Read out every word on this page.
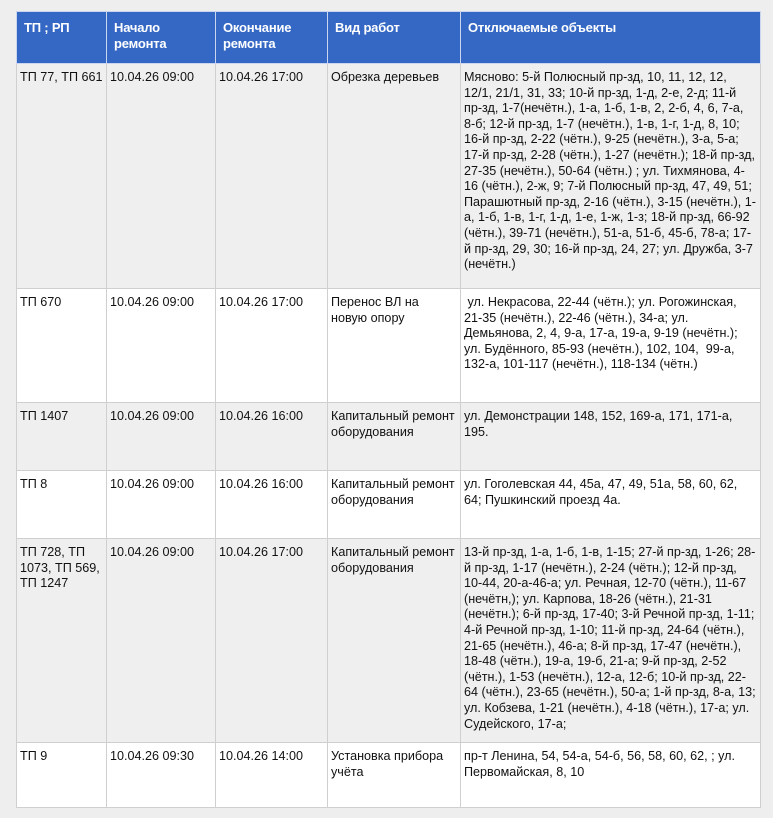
ТП ; РП	Начало ремонта	Окончание ремонта	Вид работ	Отключаемые объекты
ТП 77, ТП 661	10.04.26 09:00	10.04.26 17:00	Обрезка деревьев	Мясново: 5-й Полюсный пр-зд, 10, 11, 12, 12, 12/1, 21/1, 31, 33; 10-й пр-зд, 1-д, 2-е, 2-д; 11-й пр-зд, 1-7(нечётн.), 1-а, 1-б, 1-в, 2, 2-б, 4, 6, 7-а, 8-б; 12-й пр-зд, 1-7 (нечётн.), 1-в, 1-г, 1-д, 8, 10; 16-й пр-зд, 2-22 (чётн.), 9-25 (нечётн.), 3-а, 5-а; 17-й пр-зд, 2-28 (чётн.), 1-27 (нечётн.); 18-й пр-зд, 27-35 (нечётн.), 50-64 (чётн.) ; ул. Тихмянова, 4-16 (чётн.), 2-ж, 9; 7-й Полюсный пр-зд, 47, 49, 51; Парашютный пр-зд, 2-16 (чётн.), 3-15 (нечётн.), 1-а, 1-б, 1-в, 1-г, 1-д, 1-е, 1-ж, 1-з; 18-й пр-зд, 66-92 (чётн.), 39-71 (нечётн.), 51-а, 51-б, 45-б, 78-а; 17-й пр-зд, 29, 30; 16-й пр-зд, 24, 27; ул. Дружба, 3-7 (нечётн.)
ТП 670	10.04.26 09:00	10.04.26 17:00	Перенос ВЛ на новую опору	ул. Некрасова, 22-44 (чётн.); ул. Рогожинская, 21-35 (нечётн.), 22-46 (чётн.), 34-а; ул. Демьянова, 2, 4, 9-а, 17-а, 19-а, 9-19 (нечётн.); ул. Будённого, 85-93 (нечётн.), 102, 104,  99-а, 132-а, 101-117 (нечётн.), 118-134 (чётн.)
ТП 1407	10.04.26 09:00	10.04.26 16:00	Капитальный ремонт оборудования	ул. Демонстрации 148, 152, 169-а, 171, 171-а, 195.
ТП 8	10.04.26 09:00	10.04.26 16:00	Капитальный ремонт оборудования	ул. Гоголевская 44, 45а, 47, 49, 51а, 58, 60, 62, 64; Пушкинский проезд 4а.
ТП 728, ТП 1073, ТП 569, ТП 1247	10.04.26 09:00	10.04.26 17:00	Капитальный ремонт оборудования	13-й пр-зд, 1-а, 1-б, 1-в, 1-15; 27-й пр-зд, 1-26; 28-й пр-зд, 1-17 (нечётн.), 2-24 (чётн.); 12-й пр-зд, 10-44, 20-а-46-а; ул. Речная, 12-70 (чётн.), 11-67 (нечётн,); ул. Карпова, 18-26 (чётн.), 21-31 (нечётн.); 6-й пр-зд, 17-40; 3-й Речной пр-зд, 1-11; 4-й Речной пр-зд, 1-10; 11-й пр-зд, 24-64 (чётн.), 21-65 (нечётн.), 46-а; 8-й пр-зд, 17-47 (нечётн.), 18-48 (чётн.), 19-а, 19-б, 21-а; 9-й пр-зд, 2-52 (чётн.), 1-53 (нечётн.), 12-а, 12-б; 10-й пр-зд, 22-64 (чётн.), 23-65 (нечётн.), 50-а; 1-й пр-зд, 8-а, 13; ул. Кобзева, 1-21 (нечётн.), 4-18 (чётн.), 17-а; ул. Судейского, 17-а;
ТП 9	10.04.26 09:30	10.04.26 14:00	Установка прибора учёта	пр-т Ленина, 54, 54-а, 54-б, 56, 58, 60, 62, ; ул. Первомайская, 8, 10
